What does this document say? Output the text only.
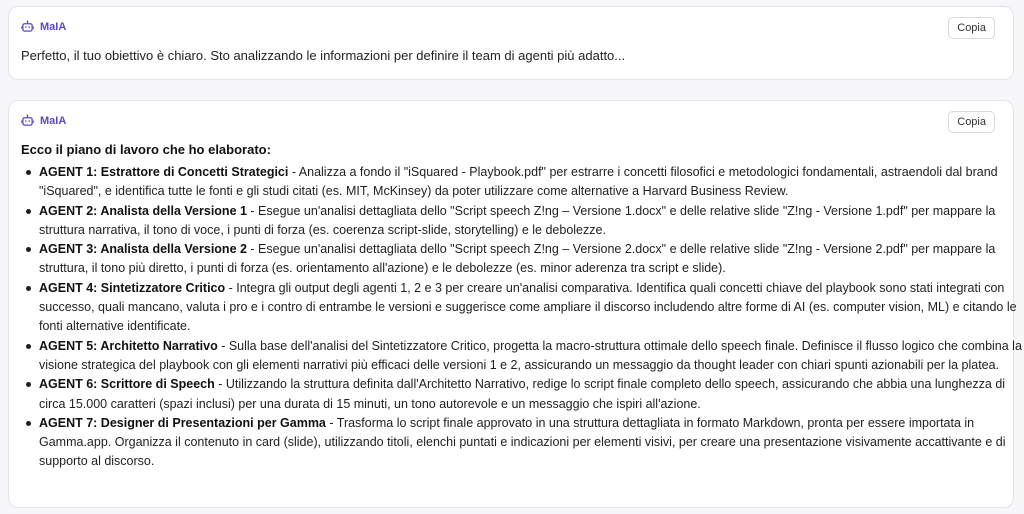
MaIA	Copia
Perfetto, il tuo obiettivo è chiaro. Sto analizzando le informazioni per definire il team di agenti più adatto...
MaIA	Copia
Ecco il piano di lavoro che ho elaborato:
AGENT 1: Estrattore di Concetti Strategici - Analizza a fondo il "iSquared - Playbook.pdf" per estrarre i concetti filosofici e metodologici fondamentali, astraendoli dal brand "iSquared", e identifica tutte le fonti e gli studi citati (es. MIT, McKinsey) da poter utilizzare come alternative a Harvard Business Review.
AGENT 2: Analista della Versione 1 - Esegue un'analisi dettagliata dello "Script speech Z!ng – Versione 1.docx" e delle relative slide "Z!ng - Versione 1.pdf" per mappare la struttura narrativa, il tono di voce, i punti di forza (es. coerenza script-slide, storytelling) e le debolezze.
AGENT 3: Analista della Versione 2 - Esegue un'analisi dettagliata dello "Script speech Z!ng – Versione 2.docx" e delle relative slide "Z!ng - Versione 2.pdf" per mappare la struttura, il tono più diretto, i punti di forza (es. orientamento all'azione) e le debolezze (es. minor aderenza tra script e slide).
AGENT 4: Sintetizzatore Critico - Integra gli output degli agenti 1, 2 e 3 per creare un'analisi comparativa. Identifica quali concetti chiave del playbook sono stati integrati con successo, quali mancano, valuta i pro e i contro di entrambe le versioni e suggerisce come ampliare il discorso includendo altre forme di AI (es. computer vision, ML) e citando le fonti alternative identificate.
AGENT 5: Architetto Narrativo - Sulla base dell'analisi del Sintetizzatore Critico, progetta la macro-struttura ottimale dello speech finale. Definisce il flusso logico che combina la visione strategica del playbook con gli elementi narrativi più efficaci delle versioni 1 e 2, assicurando un messaggio da thought leader con chiari spunti azionabili per la platea.
AGENT 6: Scrittore di Speech - Utilizzando la struttura definita dall'Architetto Narrativo, redige lo script finale completo dello speech, assicurando che abbia una lunghezza di circa 15.000 caratteri (spazi inclusi) per una durata di 15 minuti, un tono autorevole e un messaggio che ispiri all'azione.
AGENT 7: Designer di Presentazioni per Gamma - Trasforma lo script finale approvato in una struttura dettagliata in formato Markdown, pronta per essere importata in Gamma.app. Organizza il contenuto in card (slide), utilizzando titoli, elenchi puntati e indicazioni per elementi visivi, per creare una presentazione visivamente accattivante e di supporto al discorso.
